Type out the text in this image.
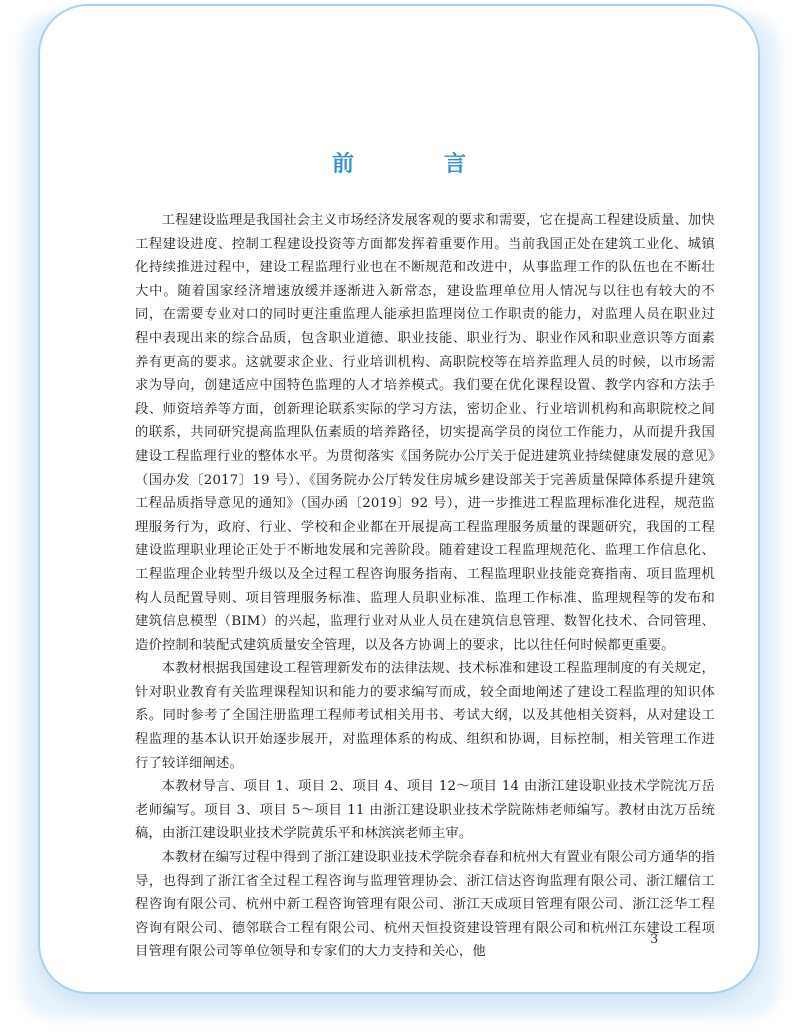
前　言

工程建设监理是我国社会主义市场经济发展客观的要求和需要，它在提高工程建设质量、加快工程建设进度、控制工程建设投资等方面都发挥着重要作用。当前我国正处在建筑工业化、城镇化持续推进过程中，建设工程监理行业也在不断规范和改进中，从事监理工作的队伍也在不断壮大中。随着国家经济增速放缓并逐渐进入新常态，建设监理单位用人情况与以往也有较大的不同，在需要专业对口的同时更注重监理人能承担监理岗位工作职责的能力，对监理人员在职业过程中表现出来的综合品质，包含职业道德、职业技能、职业行为、职业作风和职业意识等方面素养有更高的要求。这就要求企业、行业培训机构、高职院校等在培养监理人员的时候，以市场需求为导向，创建适应中国特色监理的人才培养模式。我们要在优化课程设置、教学内容和方法手段、师资培养等方面，创新理论联系实际的学习方法，密切企业、行业培训机构和高职院校之间的联系，共同研究提高监理队伍素质的培养路径，切实提高学员的岗位工作能力，从而提升我国建设工程监理行业的整体水平。为贯彻落实《国务院办公厅关于促进建筑业持续健康发展的意见》（国办发〔2017〕19 号）、《国务院办公厅转发住房城乡建设部关于完善质量保障体系提升建筑工程品质指导意见的通知》（国办函〔2019〕92 号），进一步推进工程监理标准化进程，规范监理服务行为，政府、行业、学校和企业都在开展提高工程监理服务质量的课题研究，我国的工程建设监理职业理论正处于不断地发展和完善阶段。随着建设工程监理规范化、监理工作信息化、工程监理企业转型升级以及全过程工程咨询服务指南、工程监理职业技能竞赛指南、项目监理机构人员配置导则、项目管理服务标准、监理人员职业标准、监理工作标准、监理规程等的发布和建筑信息模型（BIM）的兴起，监理行业对从业人员在建筑信息管理、数智化技术、合同管理、造价控制和装配式建筑质量安全管理，以及各方协调上的要求，比以往任何时候都更重要。

本教材根据我国建设工程管理新发布的法律法规、技术标准和建设工程监理制度的有关规定，针对职业教育有关监理课程知识和能力的要求编写而成，较全面地阐述了建设工程监理的知识体系。同时参考了全国注册监理工程师考试相关用书、考试大纲，以及其他相关资料，从对建设工程监理的基本认识开始逐步展开，对监理体系的构成、组织和协调，目标控制，相关管理工作进行了较详细阐述。

本教材导言、项目 1、项目 2、项目 4、项目 12～项目 14 由浙江建设职业技术学院沈万岳老师编写。项目 3、项目 5～项目 11 由浙江建设职业技术学院陈炜老师编写。教材由沈万岳统稿，由浙江建设职业技术学院黄乐平和林滨滨老师主审。

本教材在编写过程中得到了浙江建设职业技术学院余春春和杭州大有置业有限公司方通华的指导，也得到了浙江省全过程工程咨询与监理管理协会、浙江信达咨询监理有限公司、浙江耀信工程咨询有限公司、杭州中新工程咨询管理有限公司、浙江天成项目管理有限公司、浙江泛华工程咨询有限公司、德邻联合工程有限公司、杭州天恒投资建设管理有限公司和杭州江东建设工程项目管理有限公司等单位领导和专家们的大力支持和关心，他

3
